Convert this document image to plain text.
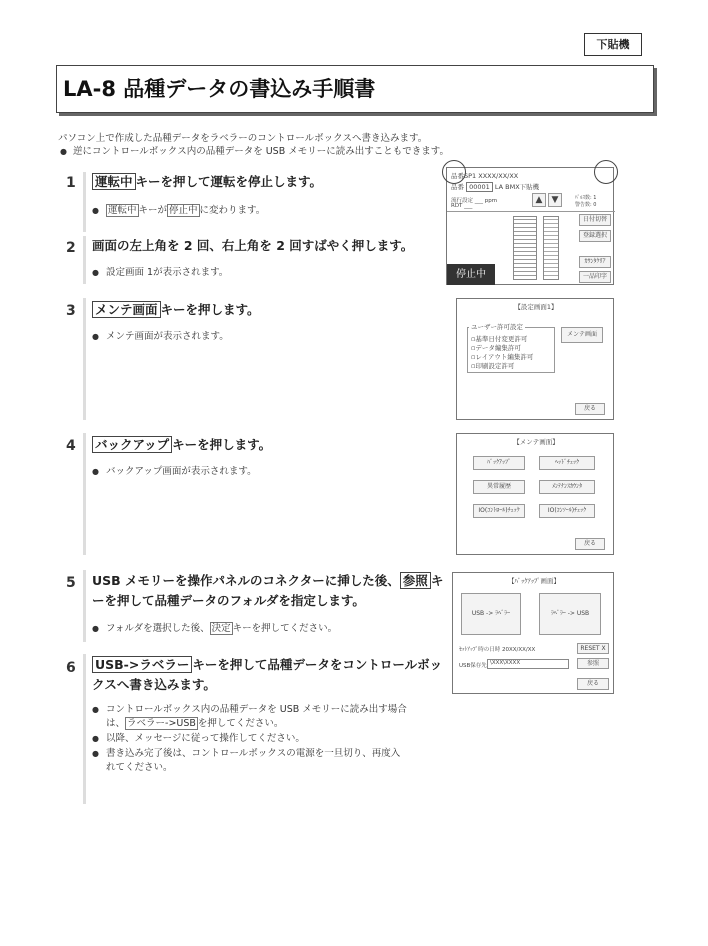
下貼機
LA-8 品種データの書込み手順書
パソコン上で作成した品種データをラベラーのコントロールボックスへ書き込みます。
● 逆にコントロールボックス内の品種データを USB メモリーに読み出すこともできます。
1 運転中 キーを押して運転を停止します。
● 運転中 キーが 停止中 に変わります。
2 画面の左上角を 2 回、右上角を 2 回すばやく押します。
● 設定画面 1が表示されます。
3 メンテ画面 キーを押します。
● メンテ画面が表示されます。
4 バックアップ キーを押します。
● バックアップ画面が表示されます。
5 USB メモリーを操作パネルのコネクターに挿した後、 参照 キ
ーを押して品種データのフォルダを指定します。
● フォルダを選択した後、 決定 キーを押してください。
6 USB->ラベラー キーを押して品種データをコントロールボッ
クスへ書き込みます。
● コントロールボックス内の品種データを USB メモリーに読み出す場合
は、 ラベラー->USB を押してください。
● 以降、メッセージに従って操作してください。
● 書き込み完了後は、コントロールボックスの電源を一旦切り、再度入
れてください。
品番SP1 XXXX/XX/XX
品番 00001 LA BMX下貼機
流行設定 ___ ppm
RDT ___
▲	▼	ﾊﾟﾙｽ数: 1
警告数: 0
日付切替
登録選択
ｶｳﾝﾀｸﾘｱ
一品印字
停止中
【設定画面1】
ユーザー許可設定
▫基準日付変更許可
▫データ編集許可
▫レイアウト編集許可
▫印刷設定許可
メンテ画面
戻る
【メンテ画面】
ﾊﾞｯｸｱｯﾌﾟ	ﾍｯﾄﾞﾁｪｯｸ
異常履歴	ﾒﾝﾃﾅﾝｽｶｳﾝﾀ
IO(ｺﾝﾄﾛｰﾙ)ﾁｪｯｸ	IO(ｺﾝｿｰﾙ)ﾁｪｯｸ
戻る
【ﾊﾞｯｸｱｯﾌﾟ画面】
USB -> ﾗﾍﾞﾗｰ	ﾗﾍﾞﾗｰ -> USB
ｾｯﾄｱｯﾌﾟ時の日時 20XX/XX/XX	RESET X
USB保存先 \XXX\XXXX	参照
戻る
